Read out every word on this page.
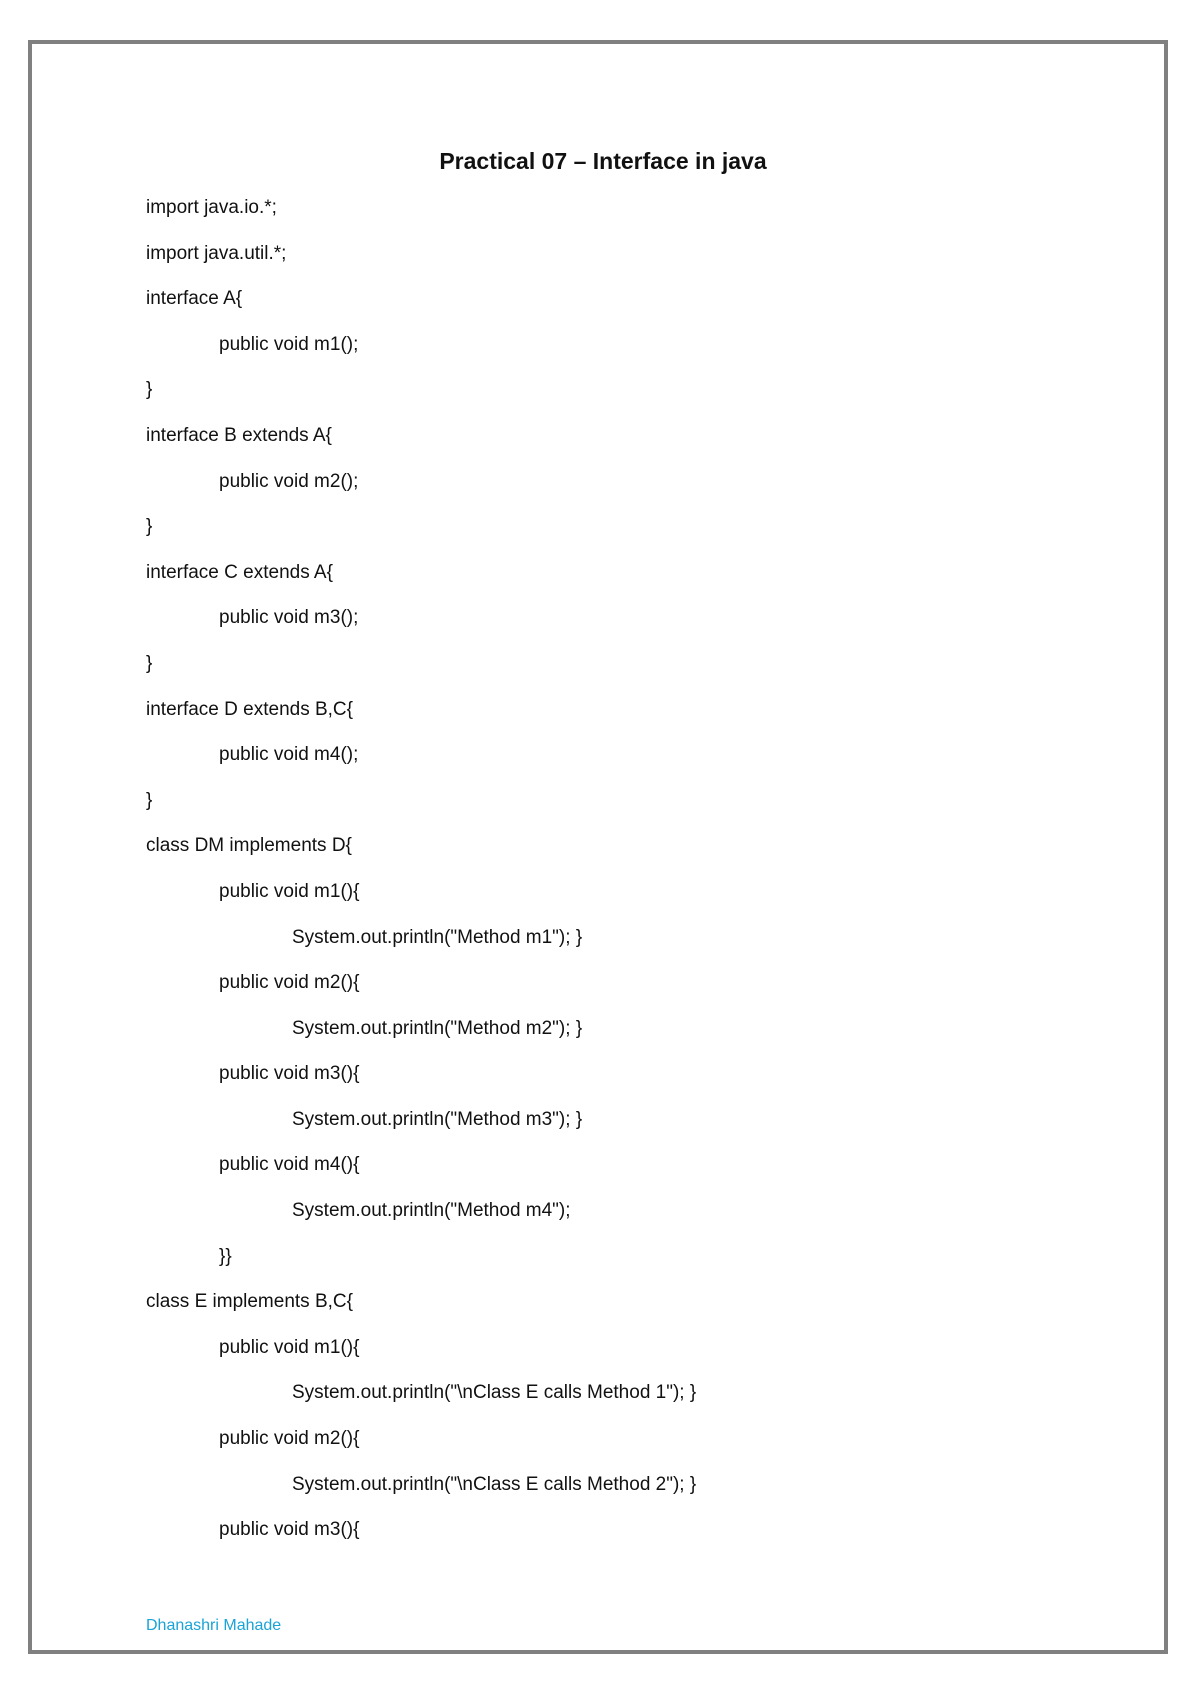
Practical 07 – Interface in java
import java.io.*;
import java.util.*;
interface A{
public void m1();
}
interface B extends A{
public void m2();
}
interface C extends A{
public void m3();
}
interface D extends B,C{
public void m4();
}
class DM implements D{
public void m1(){
System.out.println("Method m1"); }
public void m2(){
System.out.println("Method m2"); }
public void m3(){
System.out.println("Method m3"); }
public void m4(){
System.out.println("Method m4");
}}
class E implements B,C{
public void m1(){
System.out.println("\nClass E calls Method 1"); }
public void m2(){
System.out.println("\nClass E calls Method 2"); }
public void m3(){
Dhanashri Mahade
